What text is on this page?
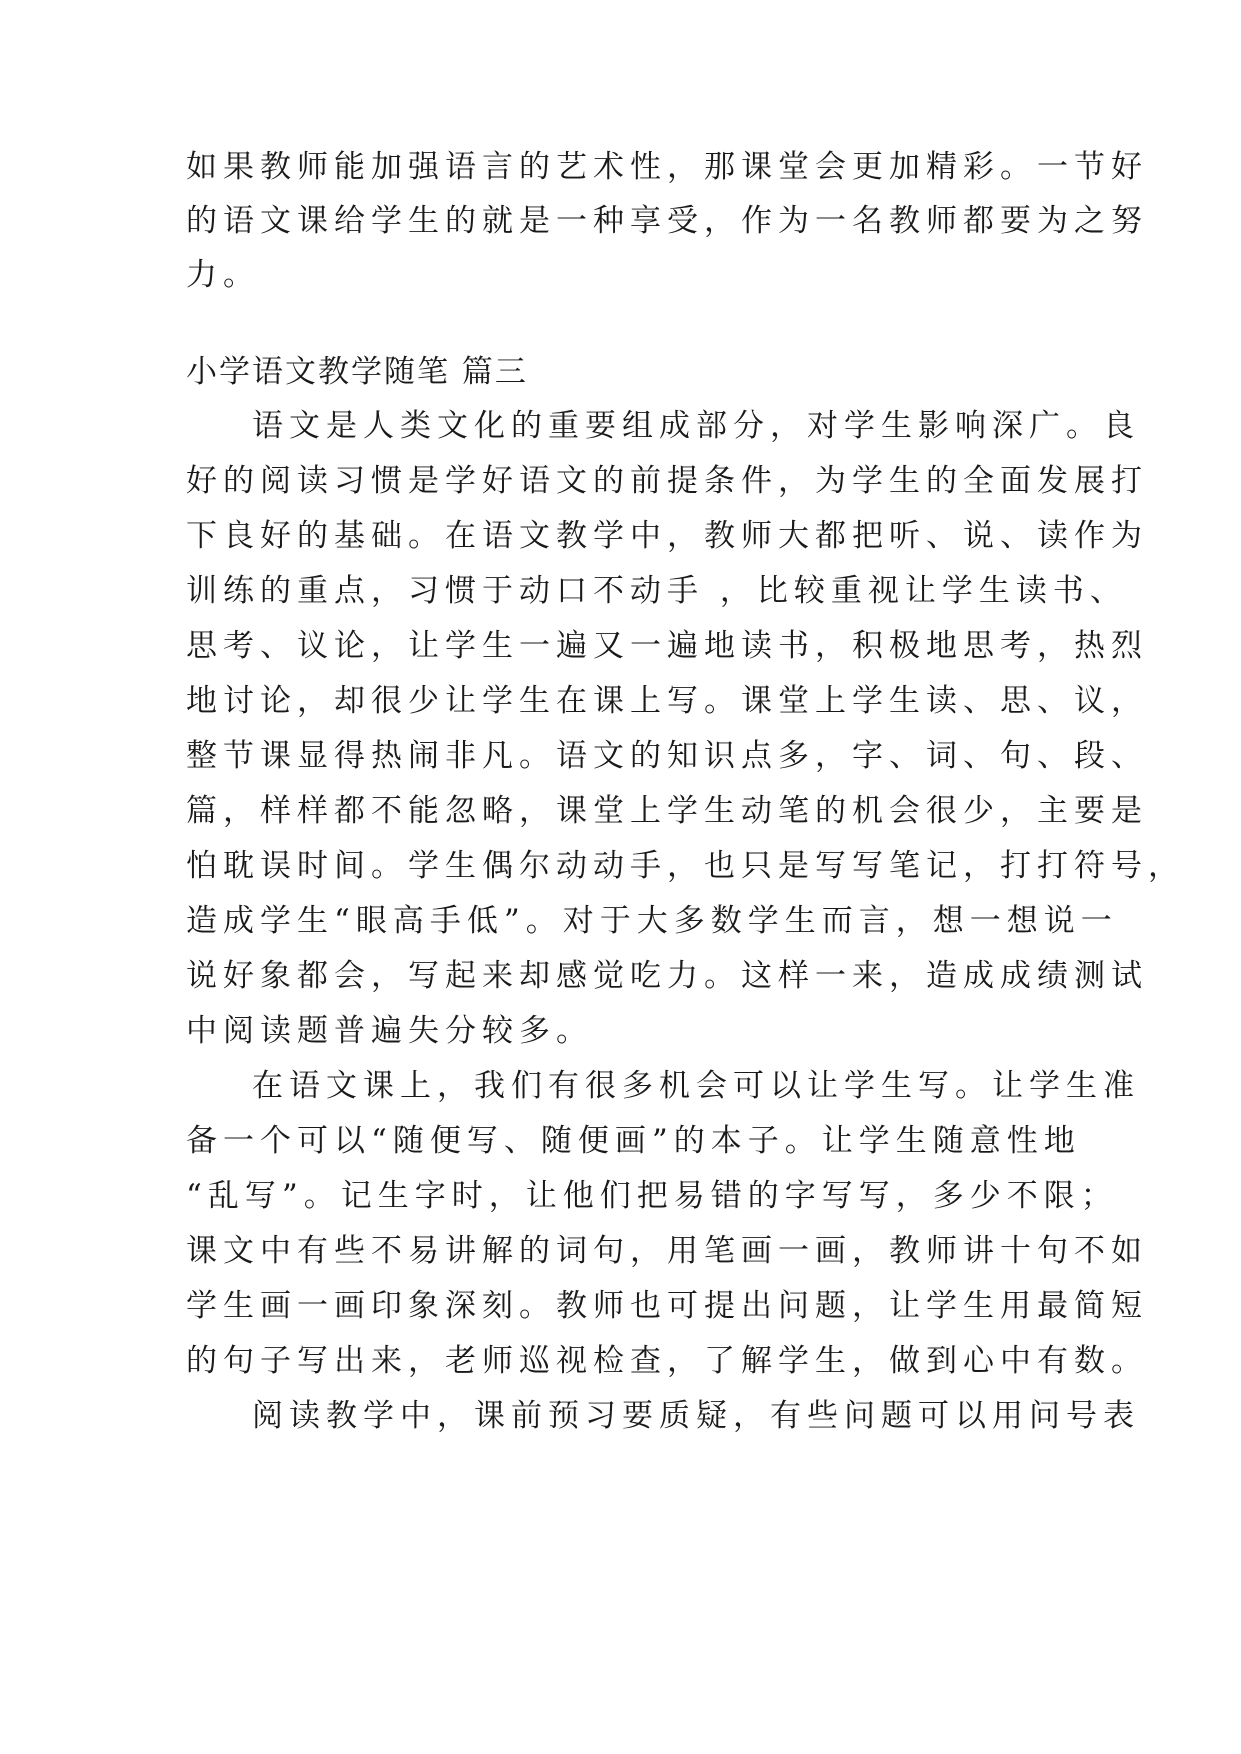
如果教师能加强语言的艺术性，那课堂会更加精彩。一节好

的语文课给学生的就是一种享受，作为一名教师都要为之努

力。

小学语文教学随笔 篇三

语文是人类文化的重要组成部分，对学生影响深广。良

好的阅读习惯是学好语文的前提条件，为学生的全面发展打

下良好的基础。在语文教学中，教师大都把听、说、读作为

训练的重点，习惯于动口不动手 ，比较重视让学生读书、

思考、议论，让学生一遍又一遍地读书，积极地思考，热烈

地讨论，却很少让学生在课上写。课堂上学生读、思、议，

整节课显得热闹非凡。语文的知识点多，字、词、句、段、

篇，样样都不能忽略，课堂上学生动笔的机会很少，主要是

怕耽误时间。学生偶尔动动手，也只是写写笔记，打打符号，

造成学生“眼高手低”。对于大多数学生而言，想一想说一

说好象都会，写起来却感觉吃力。这样一来，造成成绩测试

中阅读题普遍失分较多。

在语文课上，我们有很多机会可以让学生写。让学生准

备一个可以“随便写、随便画”的本子。让学生随意性地

“乱写”。记生字时，让他们把易错的字写写，多少不限；

课文中有些不易讲解的词句，用笔画一画，教师讲十句不如

学生画一画印象深刻。教师也可提出问题，让学生用最简短

的句子写出来，老师巡视检查，了解学生，做到心中有数。

阅读教学中，课前预习要质疑，有些问题可以用问号表
